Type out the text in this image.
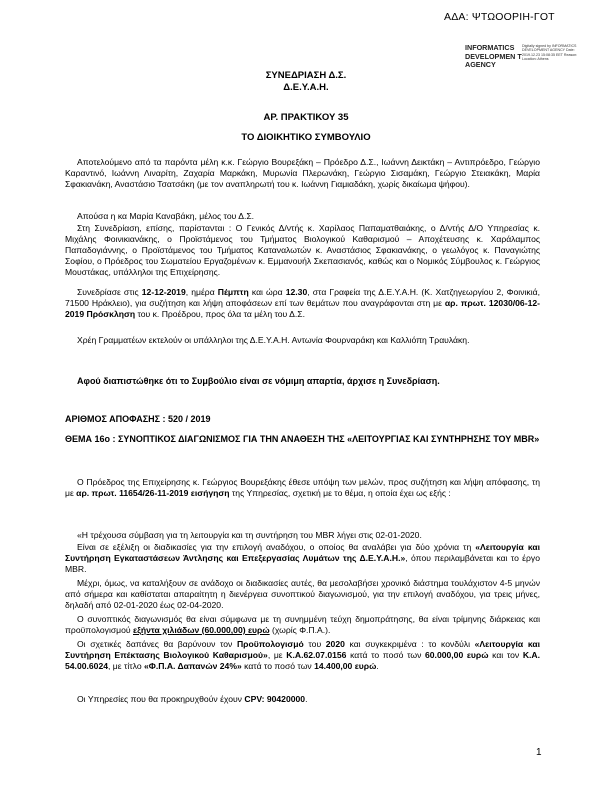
ΑΔΑ: ΨΤΩΟΟΡΙΗ-ΓΟΤ
INFORMATICS DEVELOPMEN T AGENCY
Digitally signed by INFORMATICS DEVELOPMENT AGENCY Date: 2019.12.23 15:08:35 EET Reason: Location: Athens
ΣΥΝΕΔΡΙΑΣΗ Δ.Σ.
Δ.Ε.Υ.Α.Η.
ΑΡ. ΠΡΑΚΤΙΚΟΥ 35
ΤΟ ΔΙΟΙΚΗΤΙΚΟ ΣΥΜΒΟΥΛΙΟ
Αποτελούμενο από τα παρόντα μέλη κ.κ. Γεώργιο Βουρεξάκη – Πρόεδρο Δ.Σ., Ιωάννη Δεικτάκη – Αντιπρόεδρο, Γεώργιο Καραντινό, Ιωάννη Λιναρίτη, Ζαχαρία Μαρκάκη, Μυρωνία Πλερωνάκη, Γεώργιο Σισαμάκη, Γεώργιο Στειακάκη, Μαρία Σφακιανάκη, Αναστάσιο Τσατσάκη (με τον αναπληρωτή του κ. Ιωάννη Γιαμιαδάκη, χωρίς δικαίωμα ψήφου).
Απούσα η κα Μαρία Καναβάκη, μέλος του Δ.Σ.
Στη Συνεδρίαση, επίσης, παρίστανται : Ο Γενικός Δ/ντής κ. Χαρίλαος Παπαματθαιάκης, ο Δ/ντής Δ/Ο Υπηρεσίας κ. Μιχάλης Φοινικιανάκης, ο Προϊστάμενος του Τμήματος Βιολογικού Καθαρισμού – Αποχέτευσης κ. Χαράλαμπος Παπαδογιάννης, ο Προϊστάμενος του Τμήματος Καταναλωτών κ. Αναστάσιος Σφακιανάκης, ο γεωλόγος κ. Παναγιώτης Σοφίου, ο Πρόεδρος του Σωματείου Εργαζομένων κ. Εμμανουήλ Σκεπασιανός, καθώς και ο Νομικός Σύμβουλος κ. Γεώργιος Μουστάκας, υπάλληλοι της Επιχείρησης.
Συνεδρίασε στις 12-12-2019, ημέρα Πέμπτη και ώρα 12.30, στα Γραφεία της Δ.Ε.Υ.Α.Η. (Κ. Χατζηγεωργίου 2, Φοινικιά, 71500 Ηράκλειο), για συζήτηση και λήψη αποφάσεων επί των θεμάτων που αναγράφονται στη με αρ. πρωτ. 12030/06-12-2019 Πρόσκληση του κ. Προέδρου, προς όλα τα μέλη του Δ.Σ.
Χρέη Γραμματέων εκτελούν οι υπάλληλοι της Δ.Ε.Υ.Α.Η. Αντωνία Φουρναράκη και Καλλιόπη Τραυλάκη.
Αφού διαπιστώθηκε ότι το Συμβούλιο είναι σε νόμιμη απαρτία, άρχισε η Συνεδρίαση.
ΑΡΙΘΜΟΣ ΑΠΟΦΑΣΗΣ : 520 / 2019
ΘΕΜΑ 16ο : ΣΥΝΟΠΤΙΚΟΣ ΔΙΑΓΩΝΙΣΜΟΣ ΓΙΑ ΤΗΝ ΑΝΑΘΕΣΗ ΤΗΣ «ΛΕΙΤΟΥΡΓΙΑΣ ΚΑΙ ΣΥΝΤΗΡΗΣΗΣ ΤΟΥ MBR»
Ο Πρόεδρος της Επιχείρησης κ. Γεώργιος Βουρεξάκης έθεσε υπόψη των μελών, προς συζήτηση και λήψη απόφασης, τη με αρ. πρωτ. 11654/26-11-2019 εισήγηση της Υπηρεσίας, σχετική με το θέμα, η οποία έχει ως εξής :
«Η τρέχουσα σύμβαση για τη λειτουργία και τη συντήρηση του MBR λήγει στις 02-01-2020.
Είναι σε εξέλιξη οι διαδικασίες για την επιλογή αναδόχου, ο οποίος θα αναλάβει για δύο χρόνια τη «Λειτουργία και Συντήρηση Εγκαταστάσεων Άντλησης και Επεξεργασίας Λυμάτων της Δ.Ε.Υ.Α.Η.», όπου περιλαμβάνεται και το έργο MBR.
Μέχρι, όμως, να καταλήξουν σε ανάδοχο οι διαδικασίες αυτές, θα μεσολαβήσει χρονικό διάστημα τουλάχιστον 4-5 μηνών από σήμερα και καθίσταται απαραίτητη η διενέργεια συνοπτικού διαγωνισμού, για την επιλογή αναδόχου, για τρεις μήνες, δηλαδή από 02-01-2020 έως 02-04-2020.
Ο συνοπτικός διαγωνισμός θα είναι σύμφωνα με τη συνημμένη τεύχη δημοπράτησης, θα είναι τρίμηνης διάρκειας και προϋπολογισμού εξήντα χιλιάδων (60.000,00) ευρώ (χωρίς Φ.Π.Α.).
Οι σχετικές δαπάνες θα βαρύνουν τον Προϋπολογισμό του 2020 και συγκεκριμένα : το κονδύλι «Λειτουργία και Συντήρηση Επέκτασης Βιολογικού Καθαρισμού», με Κ.Α.62.07.0156 κατά το ποσό των 60.000,00 ευρώ και τον Κ.Α. 54.00.6024, με τίτλο «Φ.Π.Α. Δαπανών 24%» κατά το ποσό των 14.400,00 ευρώ.
Οι Υπηρεσίες που θα προκηρυχθούν έχουν CPV: 90420000.
1
